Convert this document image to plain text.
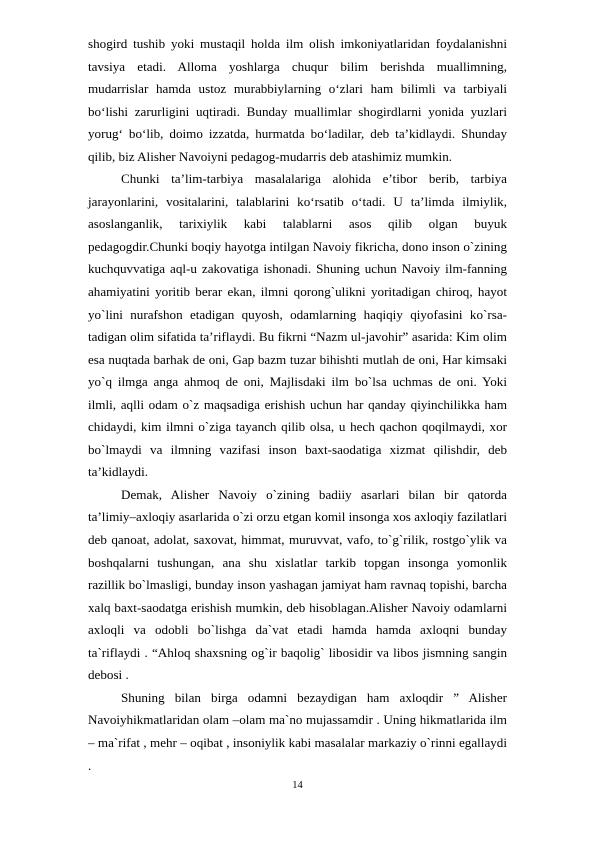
shogird tushib yoki mustaqil holda ilm olish imkoniyatlaridan foydalanishni tavsiya etadi. Alloma yoshlarga chuqur bilim berishda muallimning, mudarrislar hamda ustoz murabbiylarning o‘zlari ham bilimli va tarbiyali bo‘lishi zarurligini uqtiradi. Bunday muallimlar shogirdlarni yonida yuzlari yorug‘ bo‘lib, doimo izzatda, hurmatda bo‘ladilar, deb ta’kidlaydi. Shunday qilib, biz Alisher Navoiyni pedagog-mudarris deb atashimiz mumkin.

Chunki ta’lim-tarbiya masalalariga alohida e’tibor berib, tarbiya jarayonlarini, vositalarini, talablarini ko‘rsatib o‘tadi. U ta’limda ilmiylik, asoslanganlik, tarixiylik kabi talablarni asos qilib olgan buyuk pedagogdir.Chunki boqiy hayotga intilgan Navoiy fikricha, dono inson o`zining kuchquvvatiga aql-u zakovatiga ishonadi. Shuning uchun Navoiy ilm-fanning ahamiyatini yoritib berar ekan, ilmni qorong`ulikni yoritadigan chiroq, hayot yo`lini nurafshon etadigan quyosh, odamlarning haqiqiy qiyofasini ko`rsa-tadigan olim sifatida ta’riflaydi. Bu fikrni “Nazm ul-javohir” asarida: Kim olim esa nuqtada barhak de oni, Gap bazm tuzar bihishti mutlah de oni, Har kimsaki yo`q ilmga anga ahmoq de oni, Majlisdaki ilm bo`lsa uchmas de oni. Yoki ilmli, aqlli odam o`z maqsadiga erishish uchun har qanday qiyinchilikka ham chidaydi, kim ilmni o`ziga tayanch qilib olsa, u hech qachon qoqilmaydi, xor bo`lmaydi va ilmning vazifasi inson baxt-saodatiga xizmat qilishdir, deb ta’kidlaydi.

Demak, Alisher Navoiy o`zining badiiy asarlari bilan bir qatorda ta’limiy–axloqiy asarlarida o`zi orzu etgan komil insonga xos axloqiy fazilatlari deb qanoat, adolat, saxovat, himmat, muruvvat, vafo, to`g`rilik, rostgo`ylik va boshqalarni tushungan, ana shu xislatlar tarkib topgan insonga yomonlik razillik bo`lmasligi, bunday inson yashagan jamiyat ham ravnaq topishi, barcha xalq baxt-saodatga erishish mumkin, deb hisoblagan.Alisher Navoiy odamlarni axloqli va odobli bo`lishga da`vat etadi hamda hamda axloqni bunday ta`riflaydi . “Ahloq shaxsning og`ir baqolig` libosidir va libos jismning sangin debosi .

Shuning bilan birga odamni bezaydigan ham axloqdir ” Alisher Navoiyhikmatlaridan olam –olam ma`no mujassamdir . Uning hikmatlarida ilm – ma`rifat , mehr – oqibat , insoniylik kabi masalalar markaziy o`rinni egallaydi .

14
